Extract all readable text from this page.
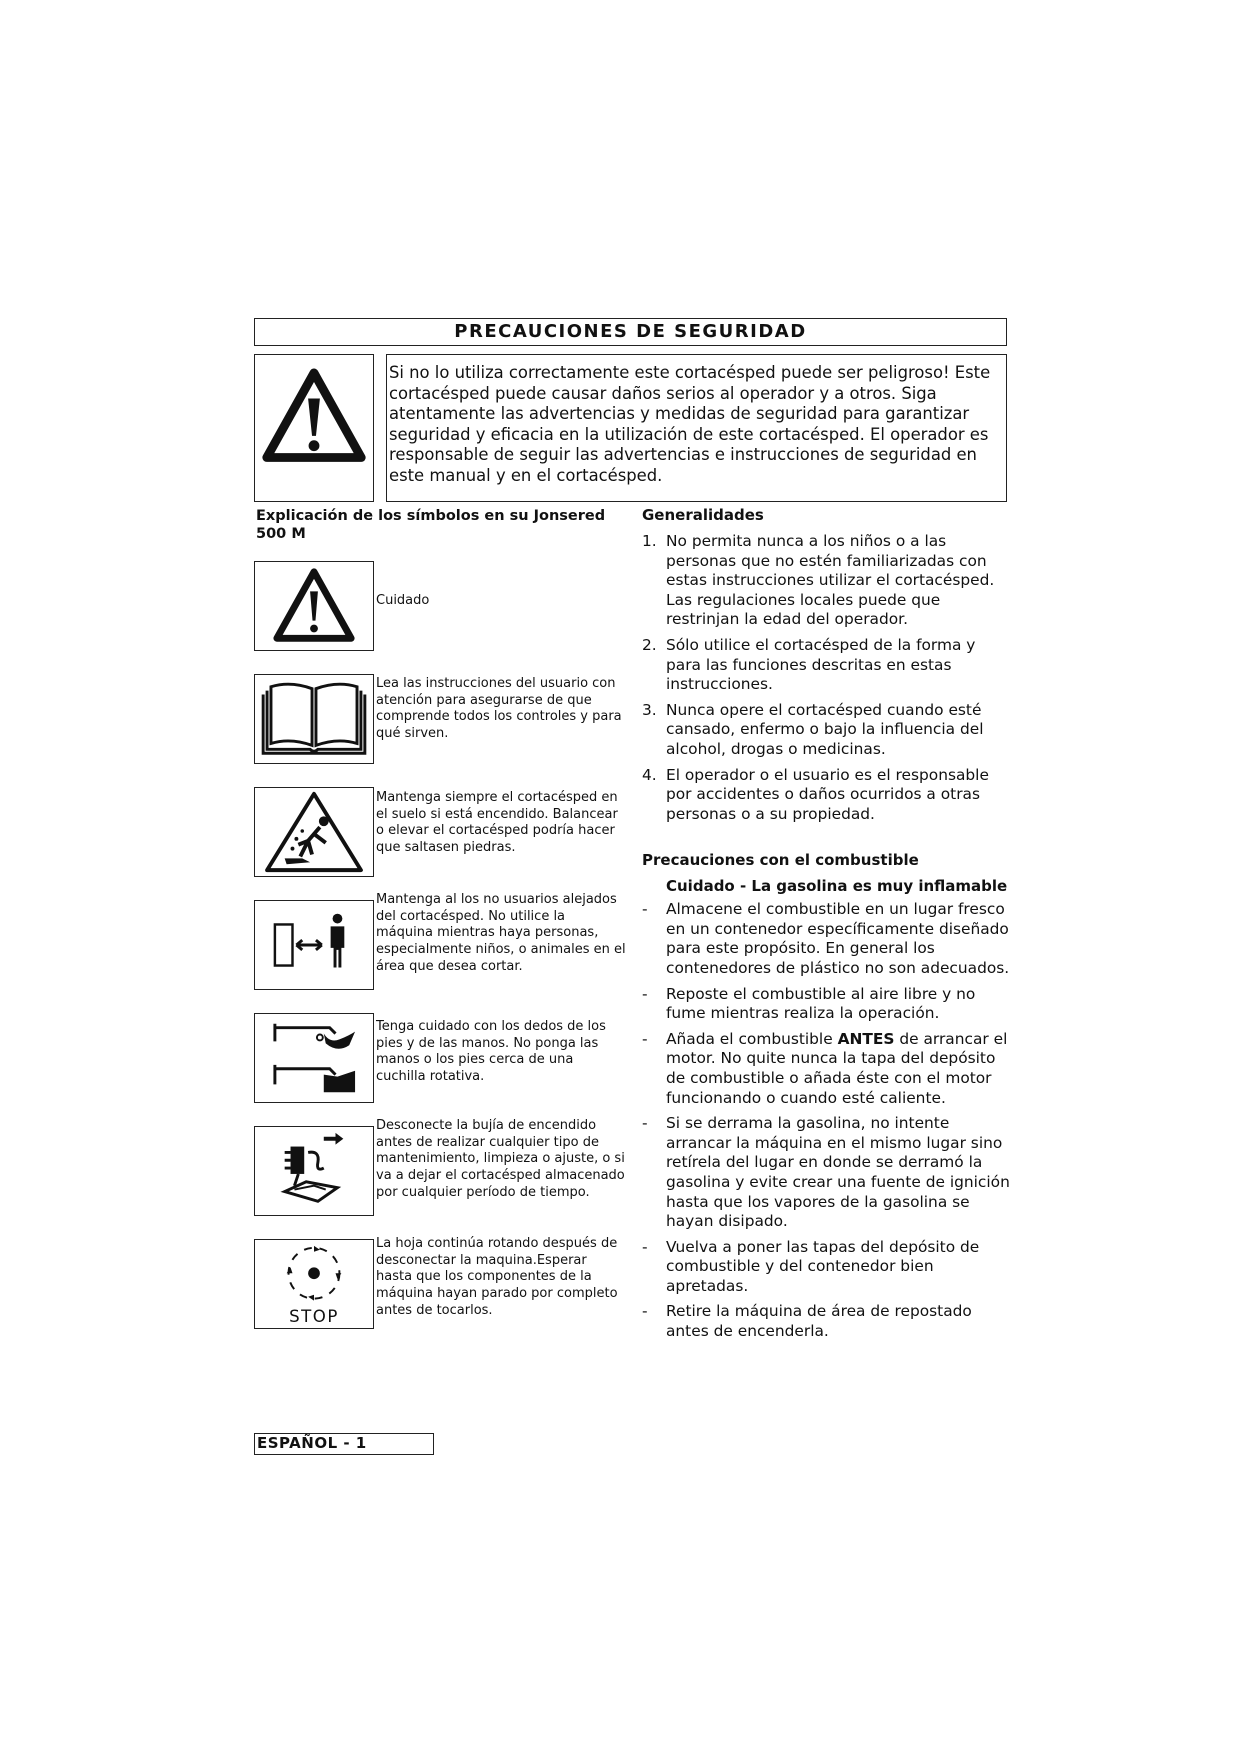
PRECAUCIONES DE SEGURIDAD
Si no lo utiliza correctamente este cortacésped puede ser peligroso! Este cortacésped puede causar daños serios al operador y a otros. Siga atentamente las advertencias y medidas de seguridad para garantizar seguridad y eficacia en la utilización de este cortacésped. El operador es responsable de seguir las advertencias e instrucciones de seguridad en este manual y en el cortacésped.
Explicación de los símbolos en su Jonsered 500 M
Cuidado
Lea las instrucciones del usuario con atención para asegurarse de que comprende todos los controles y para qué sirven.
Mantenga siempre el cortacésped en el suelo si está encendido. Balancear o elevar el cortacésped podría hacer que saltasen piedras.
Mantenga al los no usuarios alejados del cortacésped. No utilice la máquina mientras haya personas, especialmente niños, o animales en el área que desea cortar.
Tenga cuidado con los dedos de los pies y de las manos. No ponga las manos o los pies cerca de una cuchilla rotativa.
Desconecte la bujía de encendido antes de realizar cualquier tipo de mantenimiento, limpieza o ajuste, o si va a dejar el cortacésped almacenado por cualquier período de tiempo.
STOP
La hoja continúa rotando después de desconectar la maquina.Esperar hasta que los componentes de la máquina hayan parado por completo antes de tocarlos.
Generalidades
1. No permita nunca a los niños o a las personas que no estén familiarizadas con estas instrucciones utilizar el cortacésped. Las regulaciones locales puede que restrinjan la edad del operador.
2. Sólo utilice el cortacésped de la forma y para las funciones descritas en estas instrucciones.
3. Nunca opere el cortacésped cuando esté cansado, enfermo o bajo la influencia del alcohol, drogas o medicinas.
4. El operador o el usuario es el responsable por accidentes o daños ocurridos a otras personas o a su propiedad.
Precauciones con el combustible
Cuidado - La gasolina es muy inflamable
- Almacene el combustible en un lugar fresco en un contenedor específicamente diseñado para este propósito. En general los contenedores de plástico no son adecuados.
- Reposte el combustible al aire libre y no fume mientras realiza la operación.
- Añada el combustible ANTES de arrancar el motor. No quite nunca la tapa del depósito de combustible o añada éste con el motor funcionando o cuando esté caliente.
- Si se derrama la gasolina, no intente arrancar la máquina en el mismo lugar sino retírela del lugar en donde se derramó la gasolina y evite crear una fuente de ignición hasta que los vapores de la gasolina se hayan disipado.
- Vuelva a poner las tapas del depósito de combustible y del contenedor bien apretadas.
- Retire la máquina de área de repostado antes de encenderla.
ESPAÑOL - 1
